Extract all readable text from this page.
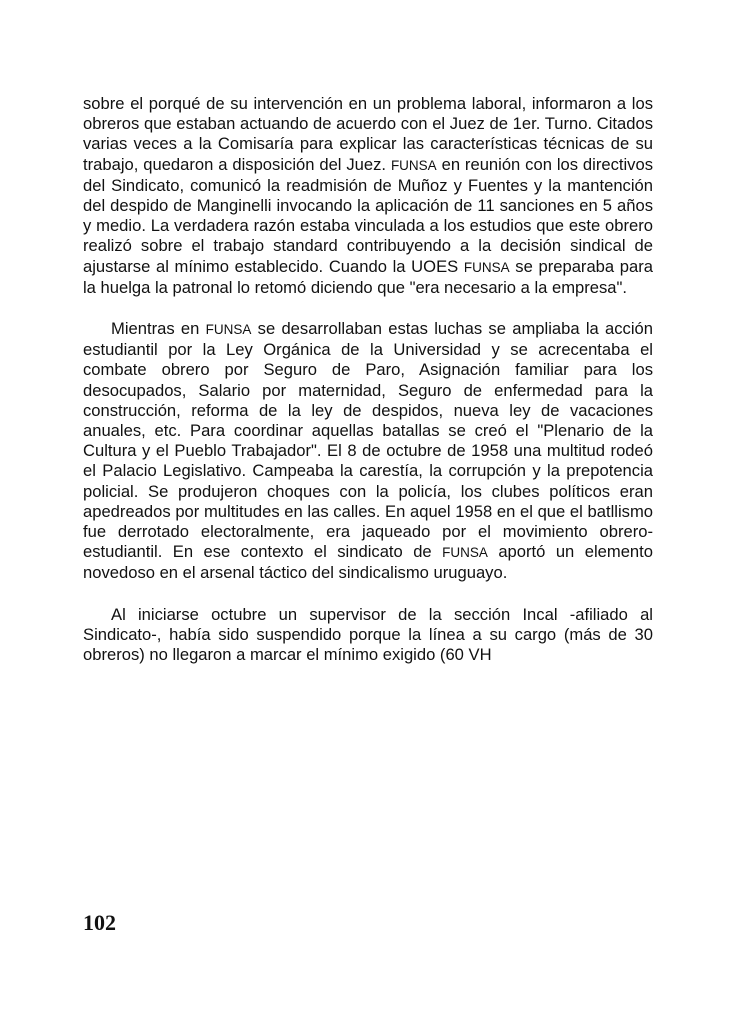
sobre el porqué de su intervención en un problema laboral, informaron a los obreros que estaban actuando de acuerdo con el Juez de 1er. Turno. Citados varias veces a la Comisaría para explicar las características técnicas de su trabajo, quedaron a disposición del Juez. FUNSA en reunión con los directivos del Sindicato, comunicó la readmisión de Muñoz y Fuentes y la mantención del despido de Manginelli invocando la aplicación de 11 sanciones en 5 años y medio. La verdadera razón estaba vinculada a los estudios que este obrero realizó sobre el trabajo standard contribuyendo a la decisión sindical de ajustarse al mínimo establecido. Cuando la UOES FUNSA se preparaba para la huelga la patronal lo retomó diciendo que "era necesario a la empresa".

Mientras en FUNSA se desarrollaban estas luchas se ampliaba la acción estudiantil por la Ley Orgánica de la Universidad y se acrecentaba el combate obrero por Seguro de Paro, Asignación familiar para los desocupados, Salario por maternidad, Seguro de enfermedad para la construcción, reforma de la ley de despidos, nueva ley de vacaciones anuales, etc. Para coordinar aquellas batallas se creó el "Plenario de la Cultura y el Pueblo Trabajador". El 8 de octubre de 1958 una multitud rodeó el Palacio Legislativo. Campeaba la carestía, la corrupción y la prepotencia policial. Se produjeron choques con la policía, los clubes políticos eran apedreados por multitudes en las calles. En aquel 1958 en el que el batllismo fue derrotado electoralmente, era jaqueado por el movimiento obrero-estudiantil. En ese contexto el sindicato de FUNSA aportó un elemento novedoso en el arsenal táctico del sindicalismo uruguayo.

Al iniciarse octubre un supervisor de la sección Incal -afiliado al Sindicato-, había sido suspendido porque la línea a su cargo (más de 30 obreros) no llegaron a marcar el mínimo exigido (60 VH

102
